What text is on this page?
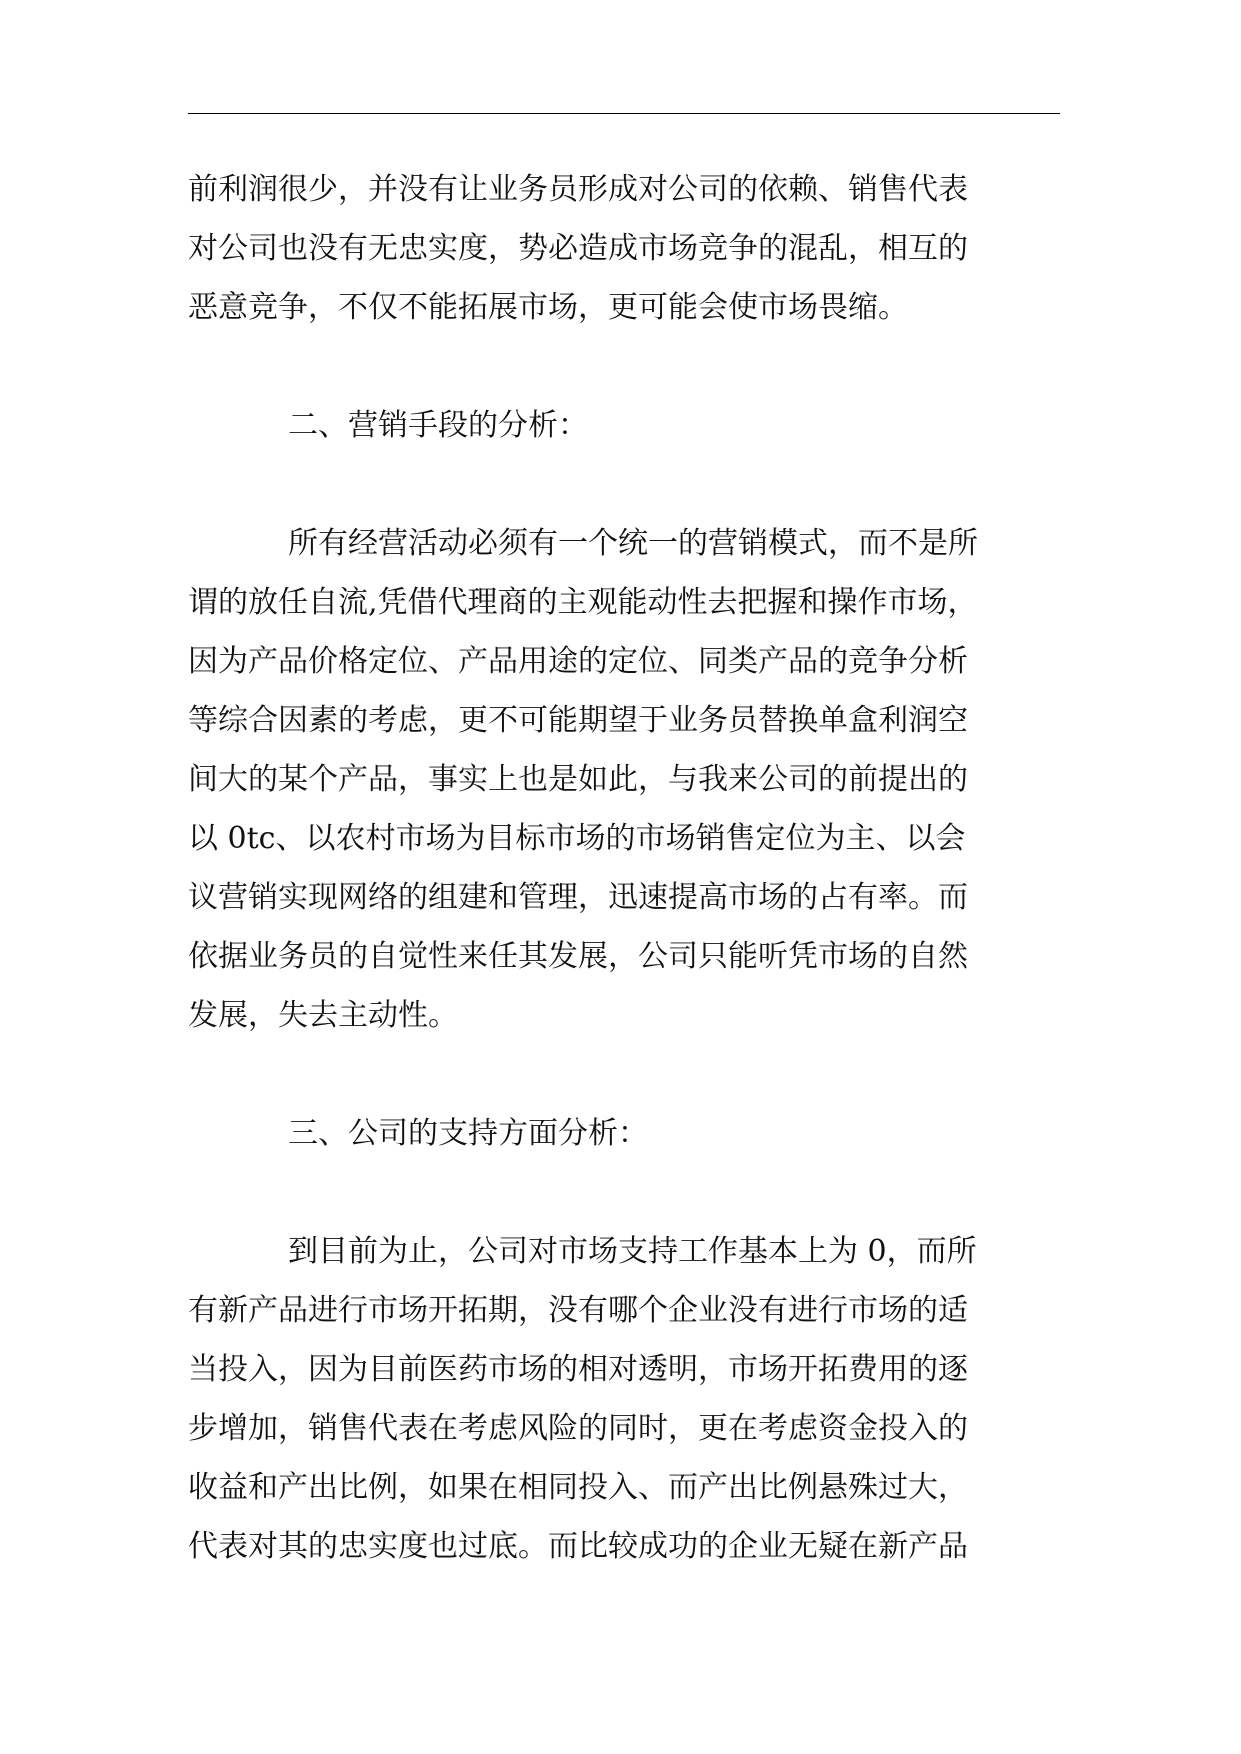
前利润很少，并没有让业务员形成对公司的依赖、销售代表
对公司也没有无忠实度，势必造成市场竞争的混乱，相互的
恶意竞争，不仅不能拓展市场，更可能会使市场畏缩。
二、营销手段的分析：
所有经营活动必须有一个统一的营销模式，而不是所
谓的放任自流,凭借代理商的主观能动性去把握和操作市场，
因为产品价格定位、产品用途的定位、同类产品的竞争分析
等综合因素的考虑，更不可能期望于业务员替换单盒利润空
间大的某个产品，事实上也是如此，与我来公司的前提出的
以 0tc、以农村市场为目标市场的市场销售定位为主、以会
议营销实现网络的组建和管理，迅速提高市场的占有率。而
依据业务员的自觉性来任其发展，公司只能听凭市场的自然
发展，失去主动性。
三、公司的支持方面分析：
到目前为止，公司对市场支持工作基本上为 0，而所
有新产品进行市场开拓期，没有哪个企业没有进行市场的适
当投入，因为目前医药市场的相对透明，市场开拓费用的逐
步增加，销售代表在考虑风险的同时，更在考虑资金投入的
收益和产出比例，如果在相同投入、而产出比例悬殊过大，
代表对其的忠实度也过底。而比较成功的企业无疑在新产品
